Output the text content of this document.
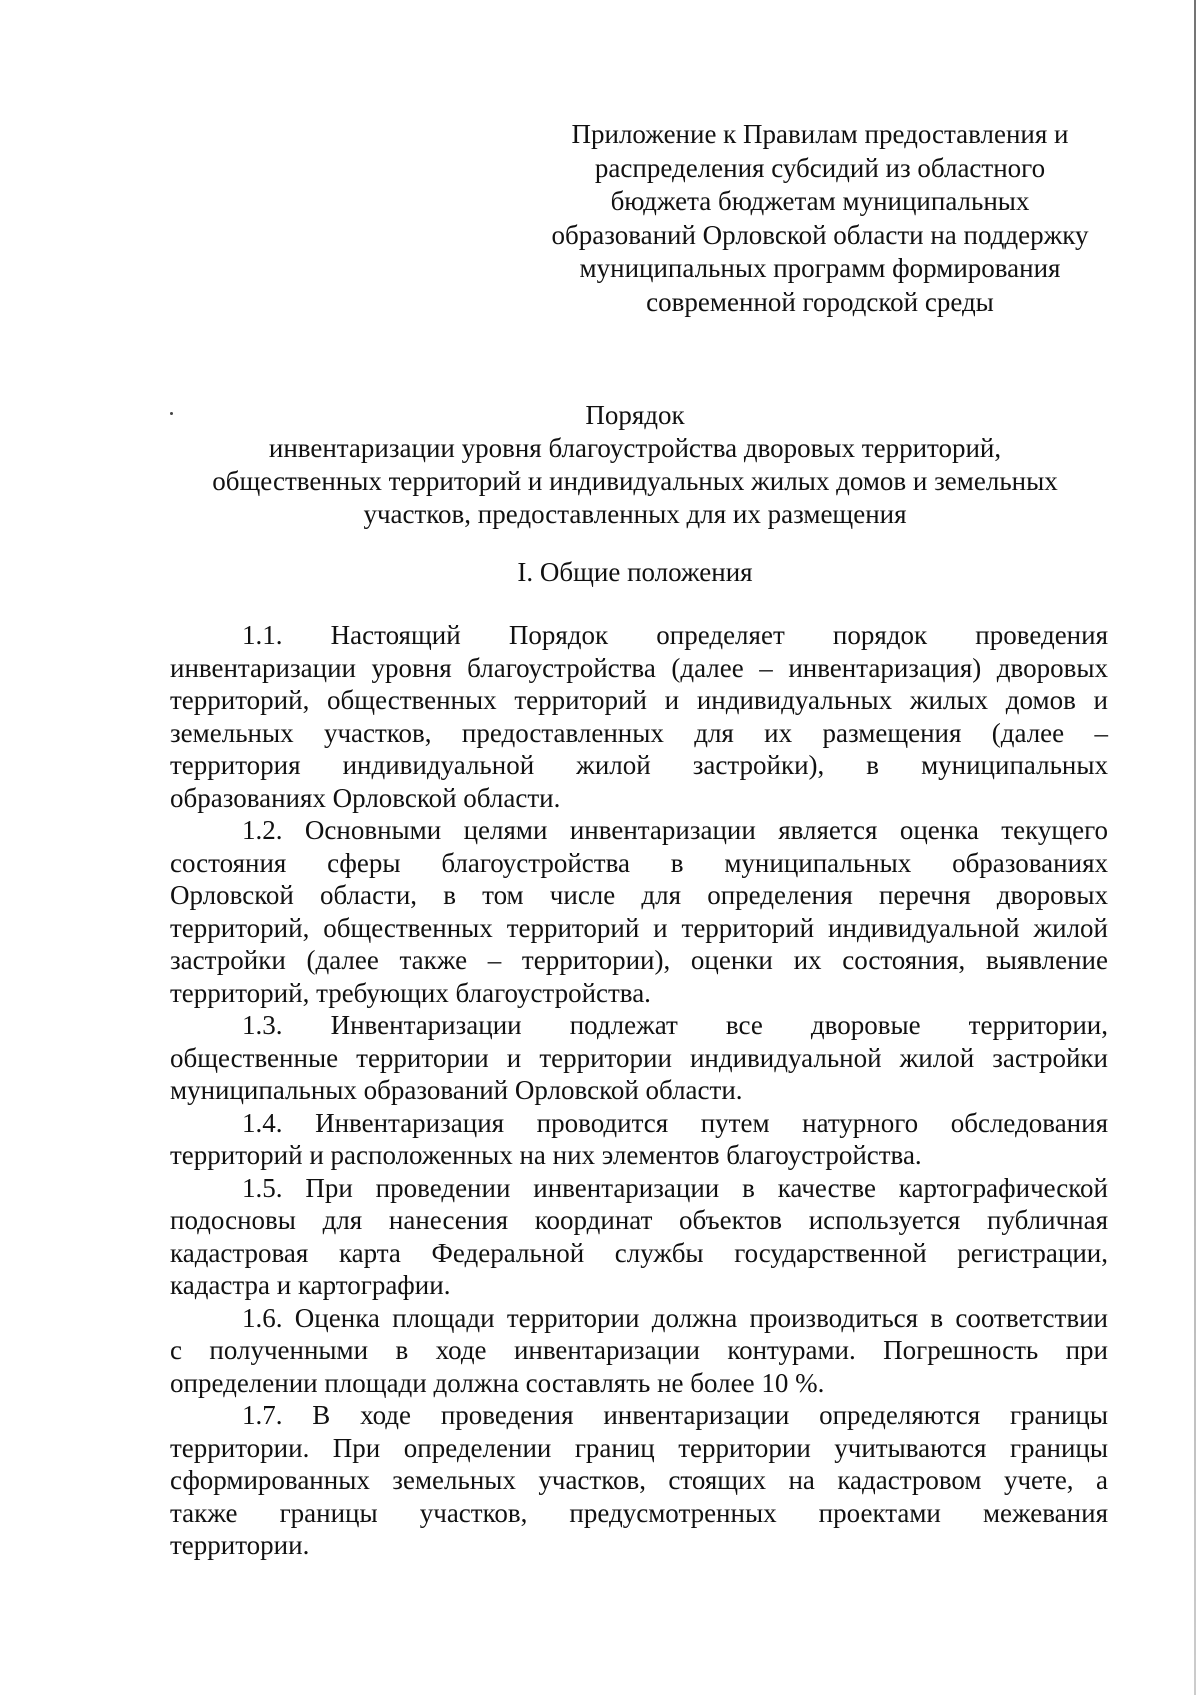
Приложение к Правилам предоставления и
распределения субсидий из областного
бюджета бюджетам муниципальных
образований Орловской области на поддержку
муниципальных программ формирования
современной городской среды
Порядок
инвентаризации уровня благоустройства дворовых территорий,
общественных территорий и индивидуальных жилых домов и земельных
участков, предоставленных для их размещения
I. Общие положения
1.1. Настоящий Порядок определяет порядок проведения
инвентаризации уровня благоустройства (далее – инвентаризация) дворовых
территорий, общественных территорий и индивидуальных жилых домов и
земельных участков, предоставленных для их размещения (далее –
территория индивидуальной жилой застройки), в муниципальных
образованиях Орловской области.
1.2. Основными целями инвентаризации является оценка текущего
состояния сферы благоустройства в муниципальных образованиях
Орловской области, в том числе для определения перечня дворовых
территорий, общественных территорий и территорий индивидуальной жилой
застройки (далее также – территории), оценки их состояния, выявление
территорий, требующих благоустройства.
1.3. Инвентаризации подлежат все дворовые территории,
общественные территории и территории индивидуальной жилой застройки
муниципальных образований Орловской области.
1.4. Инвентаризация проводится путем натурного обследования
территорий и расположенных на них элементов благоустройства.
1.5. При проведении инвентаризации в качестве картографической
подосновы для нанесения координат объектов используется публичная
кадастровая карта Федеральной службы государственной регистрации,
кадастра и картографии.
1.6. Оценка площади территории должна производиться в соответствии
с полученными в ходе инвентаризации контурами. Погрешность при
определении площади должна составлять не более 10 %.
1.7. В ходе проведения инвентаризации определяются границы
территории. При определении границ территории учитываются границы
сформированных земельных участков, стоящих на кадастровом учете, а
также границы участков, предусмотренных проектами межевания
территории.
